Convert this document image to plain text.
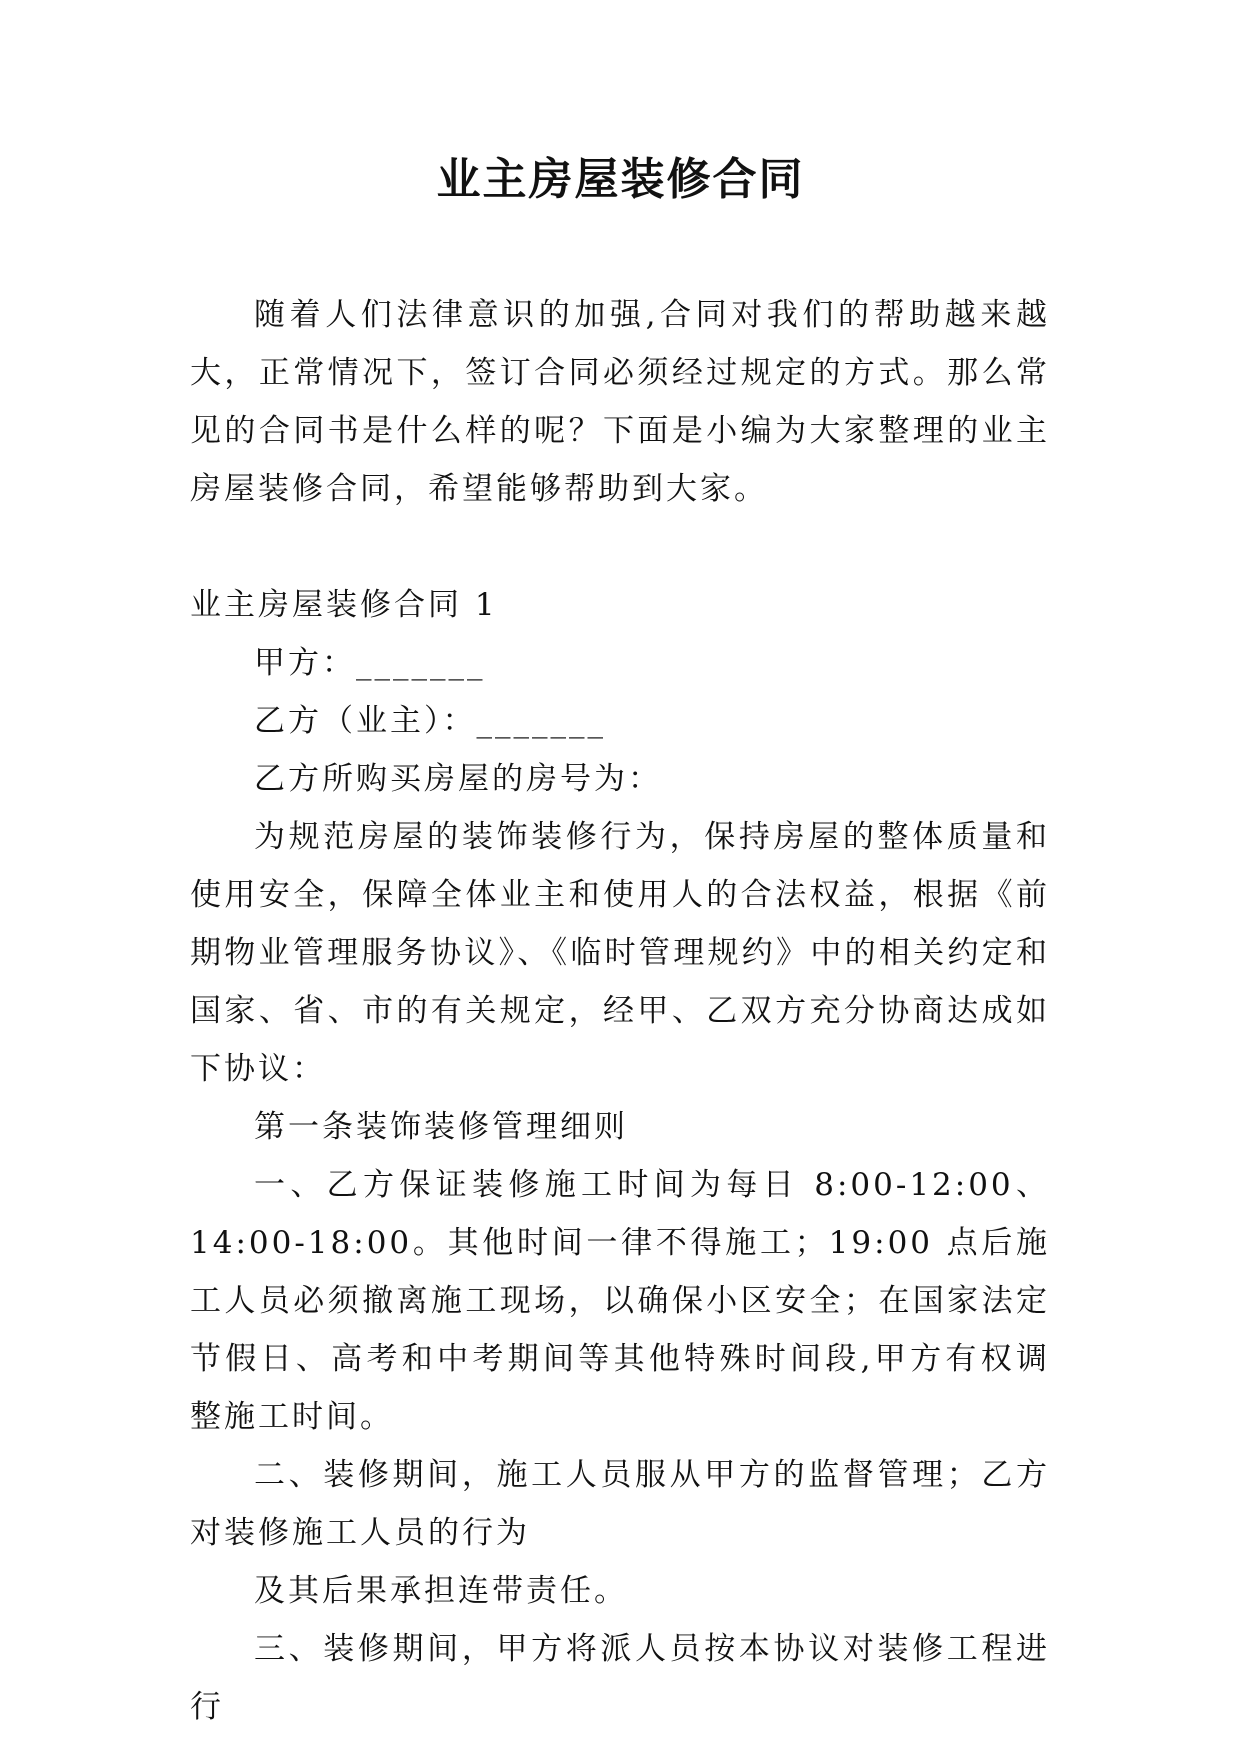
业主房屋装修合同

随着人们法律意识的加强,合同对我们的帮助越来越大，正常情况下，签订合同必须经过规定的方式。那么常见的合同书是什么样的呢？下面是小编为大家整理的业主房屋装修合同，希望能够帮助到大家。

业主房屋装修合同 1

甲方：_______

乙方（业主）：_______

乙方所购买房屋的房号为：

为规范房屋的装饰装修行为，保持房屋的整体质量和使用安全，保障全体业主和使用人的合法权益，根据《前期物业管理服务协议》、《临时管理规约》中的相关约定和国家、省、市的有关规定，经甲、乙双方充分协商达成如下协议：

第一条装饰装修管理细则

一、乙方保证装修施工时间为每日 8:00-12:00、14:00-18:00。其他时间一律不得施工；19:00 点后施工人员必须撤离施工现场，以确保小区安全；在国家法定节假日、高考和中考期间等其他特殊时间段,甲方有权调整施工时间。

二、装修期间，施工人员服从甲方的监督管理；乙方对装修施工人员的行为

及其后果承担连带责任。

三、装修期间，甲方将派人员按本协议对装修工程进行
